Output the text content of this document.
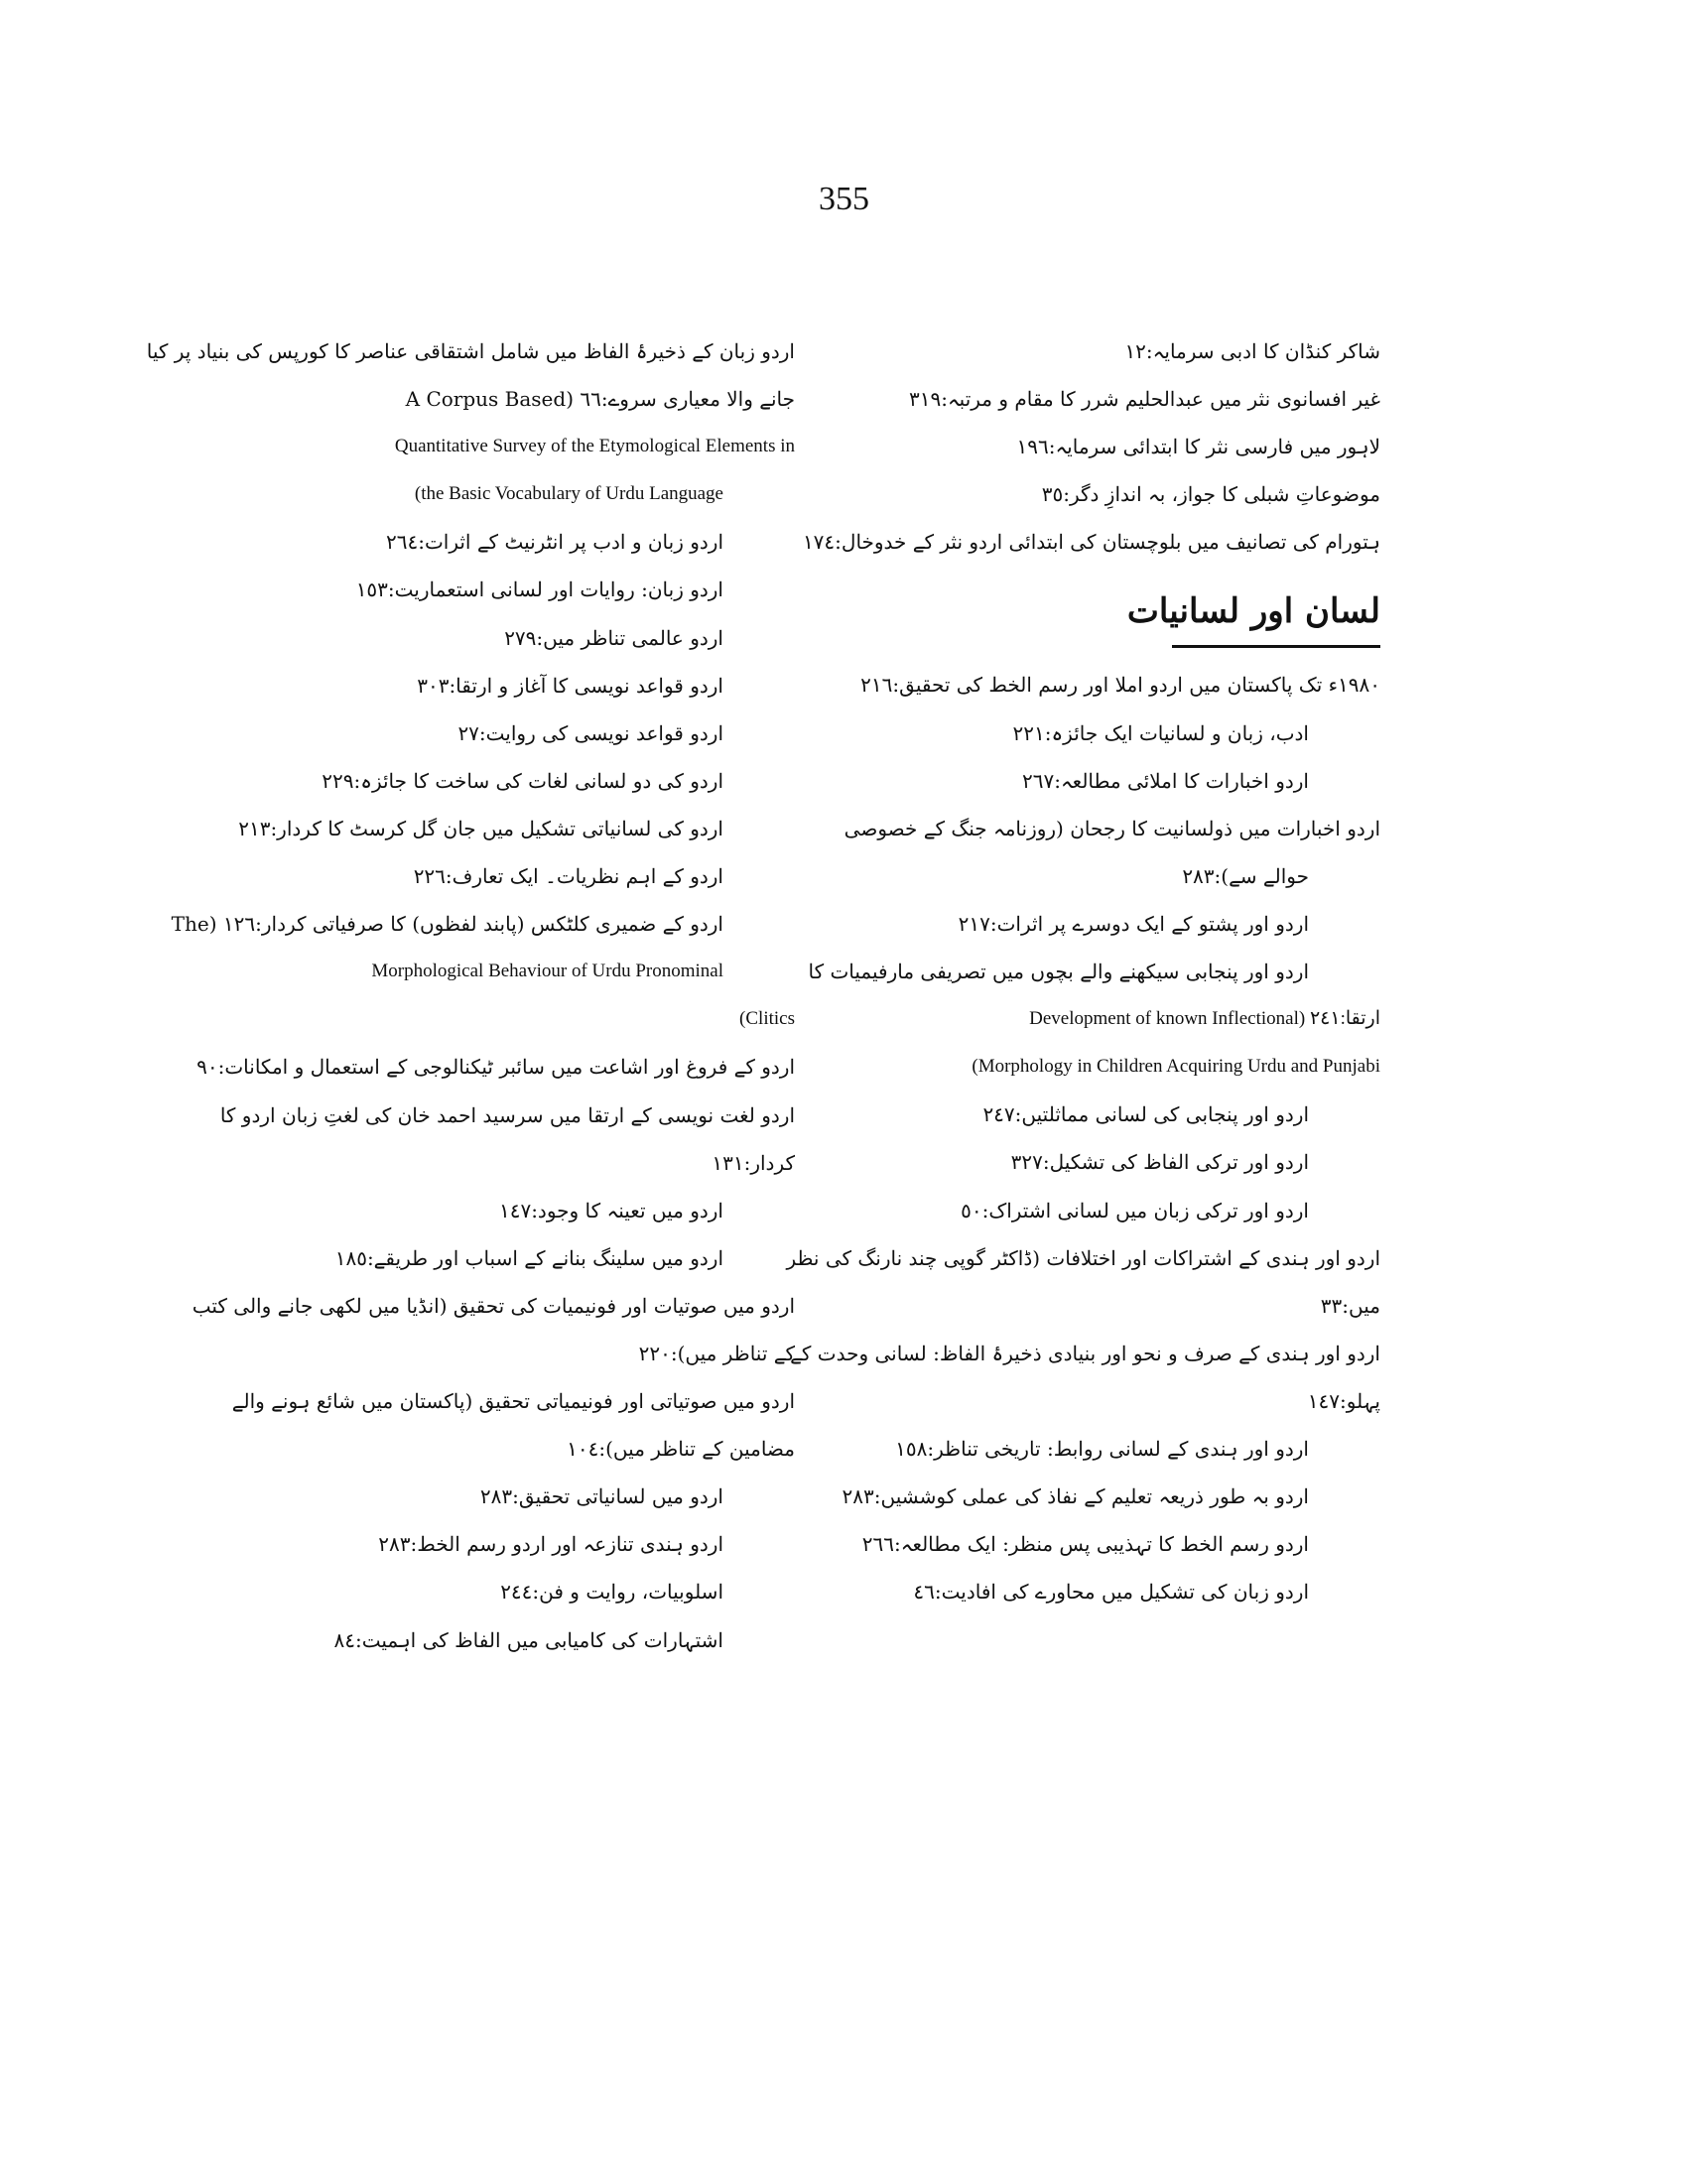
355
شاکر کنڈان کا ادبی سرمایہ:١٢
غیر افسانوی نثر میں عبدالحلیم شرر کا مقام و مرتبہ:٣١٩
لاہور میں فارسی نثر کا ابتدائی سرمایہ:١٩٦
موضوعاتِ شبلی کا جواز، بہ اندازِ دگر:٣٥
ہتورام کی تصانیف میں بلوچستان کی ابتدائی اردو نثر کے خدوخال:١٧٤
لسان اور لسانیات
١٩٨٠ء تک پاکستان میں اردو املا اور رسم الخط کی تحقیق:٢١٦
ادب، زبان و لسانیات ایک جائزہ:٢٢١
اردو اخبارات کا املائی مطالعہ:٢٦٧
اردو اخبارات میں ذولسانیت کا رجحان (روزنامہ جنگ کے خصوصی
حوالے سے):٢٨٣
اردو اور پشتو کے ایک دوسرے پر اثرات:٢١٧
اردو اور پنجابی سیکھنے والے بچوں میں تصریفی مارفیمیات کا
ارتقا:٢٤١ (Development of known Inflectional
Morphology in Children Acquiring Urdu and Punjabi)
اردو اور پنجابی کی لسانی مماثلتیں:٢٤٧
اردو اور ترکی الفاظ کی تشکیل:٣٢٧
اردو اور ترکی زبان میں لسانی اشتراک:٥٠
اردو اور ہندی کے اشتراکات اور اختلافات (ڈاکٹر گوپی چند نارنگ کی نظر
میں:٣٣
اردو اور ہندی کے صرف و نحو اور بنیادی ذخیرۂ الفاظ: لسانی وحدت کے
پہلو:١٤٧
اردو اور ہندی کے لسانی روابط: تاریخی تناظر:١٥٨
اردو بہ طور ذریعہ تعلیم کے نفاذ کی عملی کوششیں:٢٨٣
اردو رسم الخط کا تہذیبی پس منظر: ایک مطالعہ:٢٦٦
اردو زبان کی تشکیل میں محاورے کی افادیت:٤٦
اردو زبان کے ذخیرۂ الفاظ میں شامل اشتقاقی عناصر کا کورپس کی بنیاد پر کیا
جانے والا معیاری سروے:٦٦ (A Corpus Based
Quantitative Survey of the Etymological Elements in
the Basic Vocabulary of Urdu Language)
اردو زبان و ادب پر انٹرنیٹ کے اثرات:٢٦٤
اردو زبان: روایات اور لسانی استعماریت:١٥٣
اردو عالمی تناظر میں:٢٧٩
اردو قواعد نویسی کا آغاز و ارتقا:٣٠٣
اردو قواعد نویسی کی روایت:٢٧
اردو کی دو لسانی لغات کی ساخت کا جائزہ:٢٢٩
اردو کی لسانیاتی تشکیل میں جان گل کرسٹ کا کردار:٢١٣
اردو کے اہم نظریات۔ ایک تعارف:٢٢٦
اردو کے ضمیری کلٹکس (پابند لفظوں) کا صرفیاتی کردار:١٢٦ (The
Morphological Behaviour of Urdu Pronominal
Clitics)
اردو کے فروغ اور اشاعت میں سائبر ٹیکنالوجی کے استعمال و امکانات:٩٠
اردو لغت نویسی کے ارتقا میں سرسید احمد خان کی لغتِ زبان اردو کا
کردار:١٣١
اردو میں تعینہ کا وجود:١٤٧
اردو میں سلینگ بنانے کے اسباب اور طریقے:١٨٥
اردو میں صوتیات اور فونیمیات کی تحقیق (انڈیا میں لکھی جانے والی کتب
کے تناظر میں):٢٢٠
اردو میں صوتیاتی اور فونیمیاتی تحقیق (پاکستان میں شائع ہونے والے
مضامین کے تناظر میں):١٠٤
اردو میں لسانیاتی تحقیق:٢٨٣
اردو ہندی تنازعہ اور اردو رسم الخط:٢٨٣
اسلوبیات، روایت و فن:٢٤٤
اشتہارات کی کامیابی میں الفاظ کی اہمیت:٨٤
